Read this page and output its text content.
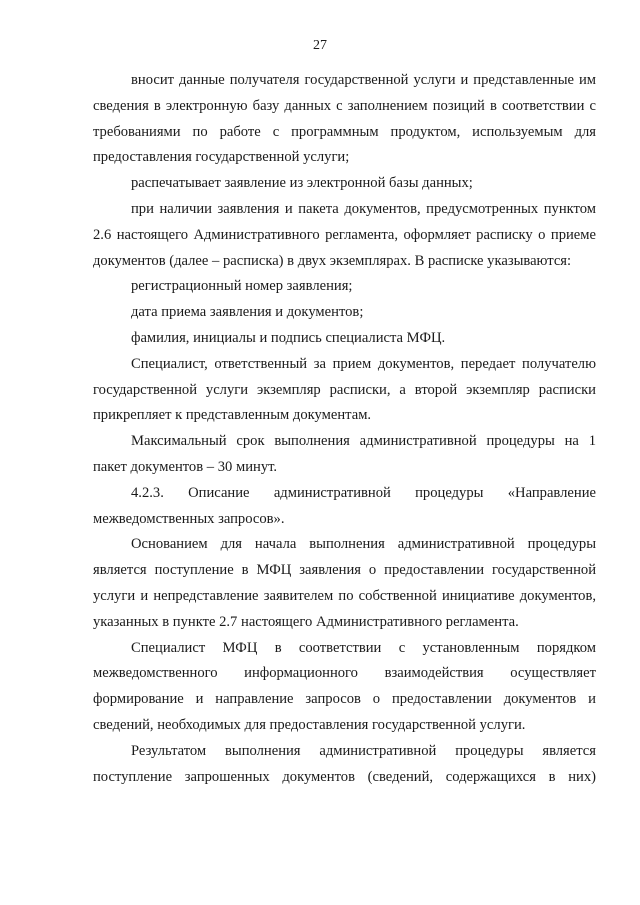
27

вносит данные получателя государственной услуги и представленные им сведения в электронную базу данных с заполнением позиций в соответствии с требованиями по работе с программным продуктом, используемым для предоставления государственной услуги;

распечатывает заявление из электронной базы данных;

при наличии заявления и пакета документов, предусмотренных пунктом 2.6 настоящего Административного регламента, оформляет расписку о приеме документов (далее – расписка) в двух экземплярах. В расписке указываются:

регистрационный номер заявления;

дата приема заявления и документов;

фамилия, инициалы и подпись специалиста МФЦ.

Специалист, ответственный за прием документов, передает получателю государственной услуги экземпляр расписки, а второй экземпляр расписки прикрепляет к представленным документам.

Максимальный срок выполнения административной процедуры на 1 пакет документов – 30 минут.

4.2.3. Описание административной процедуры «Направление межведомственных запросов».

Основанием для начала выполнения административной процедуры является поступление в МФЦ заявления о предоставлении государственной услуги и непредставление заявителем по собственной инициативе документов, указанных в пункте 2.7 настоящего Административного регламента.

Специалист МФЦ в соответствии с установленным порядком межведомственного информационного взаимодействия осуществляет формирование и направление запросов о предоставлении документов и сведений, необходимых для предоставления государственной услуги.

Результатом выполнения административной процедуры является поступление запрошенных документов (сведений, содержащихся в них)
